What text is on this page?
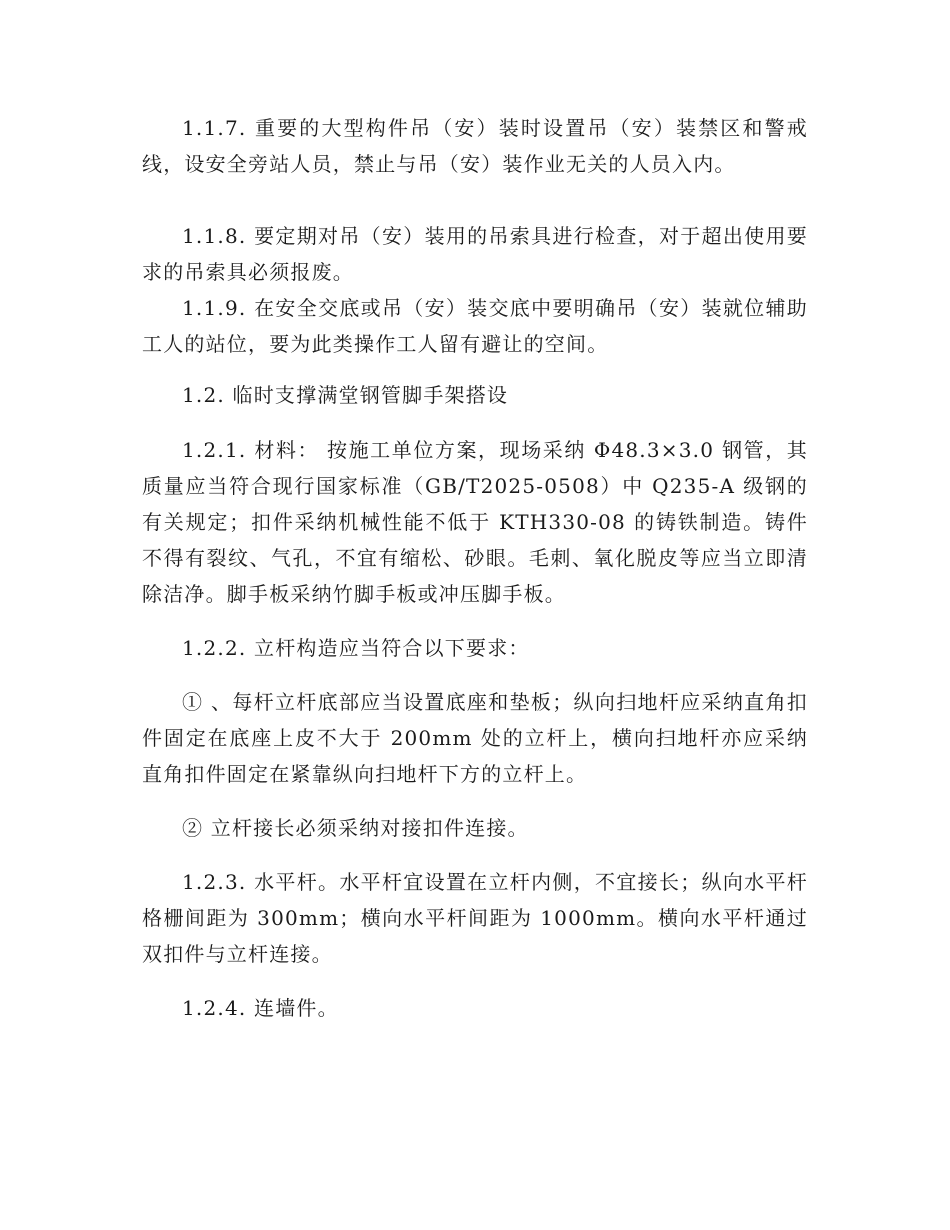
1.1.7. 重要的大型构件吊（安）装时设置吊（安）装禁区和警戒线，设安全旁站人员，禁止与吊（安）装作业无关的人员入内。

1.1.8. 要定期对吊（安）装用的吊索具进行检查，对于超出使用要求的吊索具必须报废。

1.1.9. 在安全交底或吊（安）装交底中要明确吊（安）装就位辅助工人的站位，要为此类操作工人留有避让的空间。

1.2. 临时支撑满堂钢管脚手架搭设

1.2.1. 材料： 按施工单位方案，现场采纳 Φ48.3×3.0 钢管，其质量应当符合现行国家标准（GB/T2025-0508）中 Q235-A 级钢的有关规定；扣件采纳机械性能不低于 KTH330-08 的铸铁制造。铸件不得有裂纹、气孔，不宜有缩松、砂眼。毛刺、氧化脱皮等应当立即清除洁净。脚手板采纳竹脚手板或冲压脚手板。

1.2.2. 立杆构造应当符合以下要求：

① 、每杆立杆底部应当设置底座和垫板；纵向扫地杆应采纳直角扣件固定在底座上皮不大于 200mm 处的立杆上，横向扫地杆亦应采纳直角扣件固定在紧靠纵向扫地杆下方的立杆上。

② 立杆接长必须采纳对接扣件连接。

1.2.3. 水平杆。水平杆宜设置在立杆内侧，不宜接长；纵向水平杆格栅间距为 300mm；横向水平杆间距为 1000mm。横向水平杆通过双扣件与立杆连接。

1.2.4. 连墙件。
